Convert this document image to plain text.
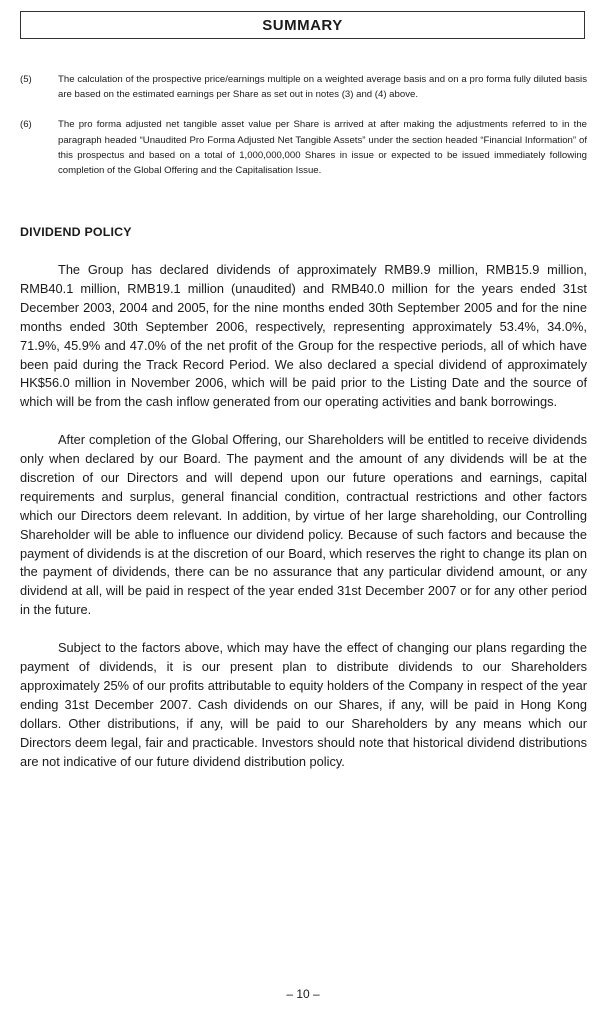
SUMMARY
(5)	The calculation of the prospective price/earnings multiple on a weighted average basis and on a pro forma fully diluted basis are based on the estimated earnings per Share as set out in notes (3) and (4) above.
(6)	The pro forma adjusted net tangible asset value per Share is arrived at after making the adjustments referred to in the paragraph headed “Unaudited Pro Forma Adjusted Net Tangible Assets” under the section headed “Financial Information” of this prospectus and based on a total of 1,000,000,000 Shares in issue or expected to be issued immediately following completion of the Global Offering and the Capitalisation Issue.
DIVIDEND POLICY

The Group has declared dividends of approximately RMB9.9 million, RMB15.9 million, RMB40.1 million, RMB19.1 million (unaudited) and RMB40.0 million for the years ended 31st December 2003, 2004 and 2005, for the nine months ended 30th September 2005 and for the nine months ended 30th September 2006, respectively, representing approximately 53.4%, 34.0%, 71.9%, 45.9% and 47.0% of the net profit of the Group for the respective periods, all of which have been paid during the Track Record Period. We also declared a special dividend of approximately HK$56.0 million in November 2006, which will be paid prior to the Listing Date and the source of which will be from the cash inflow generated from our operating activities and bank borrowings.

After completion of the Global Offering, our Shareholders will be entitled to receive dividends only when declared by our Board. The payment and the amount of any dividends will be at the discretion of our Directors and will depend upon our future operations and earnings, capital requirements and surplus, general financial condition, contractual restrictions and other factors which our Directors deem relevant. In addition, by virtue of her large shareholding, our Controlling Shareholder will be able to influence our dividend policy. Because of such factors and because the payment of dividends is at the discretion of our Board, which reserves the right to change its plan on the payment of dividends, there can be no assurance that any particular dividend amount, or any dividend at all, will be paid in respect of the year ended 31st December 2007 or for any other period in the future.

Subject to the factors above, which may have the effect of changing our plans regarding the payment of dividends, it is our present plan to distribute dividends to our Shareholders approximately 25% of our profits attributable to equity holders of the Company in respect of the year ending 31st December 2007. Cash dividends on our Shares, if any, will be paid in Hong Kong dollars. Other distributions, if any, will be paid to our Shareholders by any means which our Directors deem legal, fair and practicable. Investors should note that historical dividend distributions are not indicative of our future dividend distribution policy.

– 10 –
